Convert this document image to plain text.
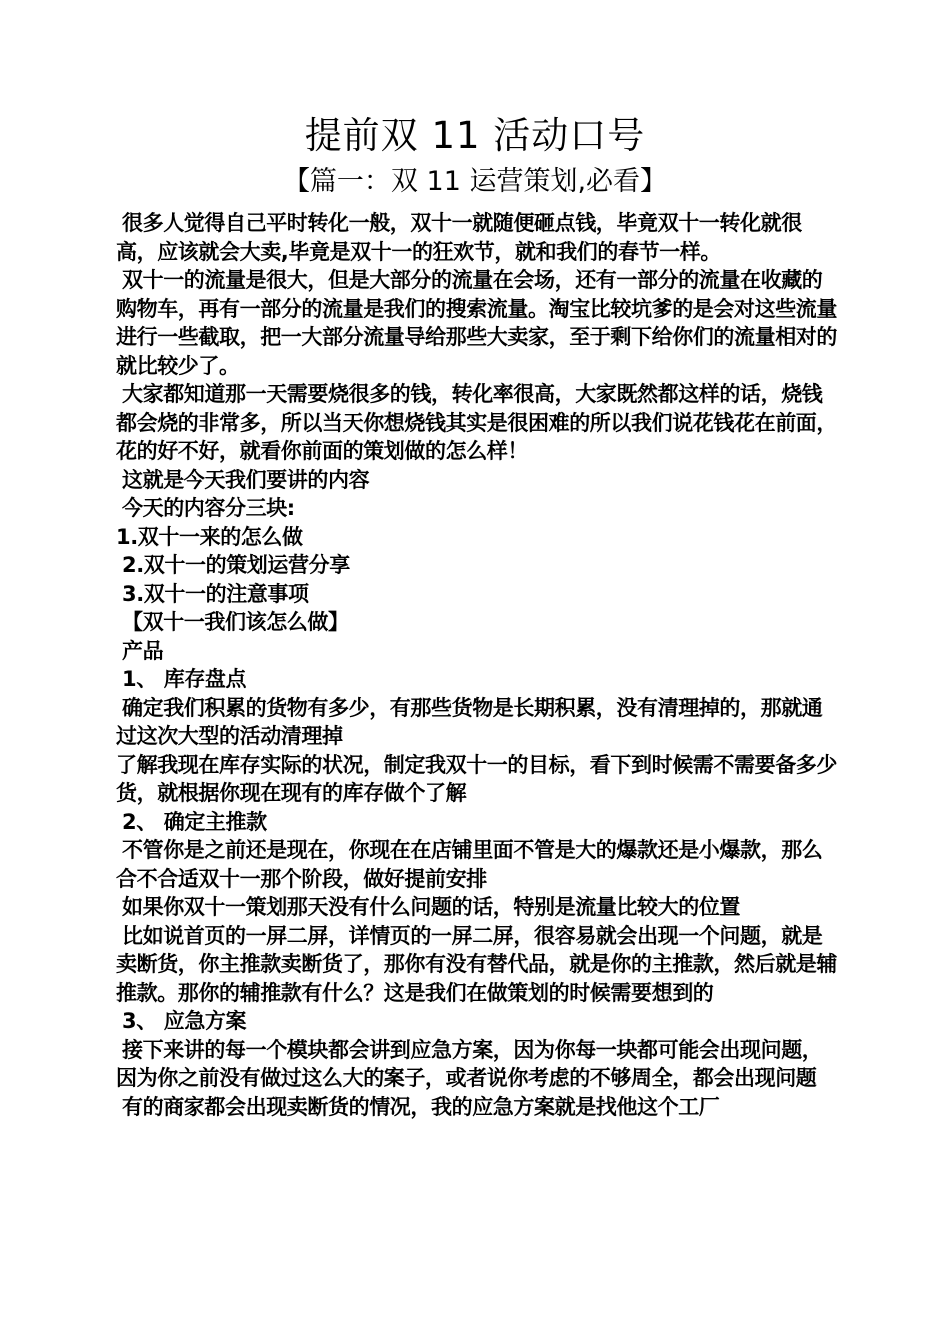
提前双 11 活动口号
【篇一：双 11 运营策划,必看】

很多人觉得自己平时转化一般，双十一就随便砸点钱，毕竟双十一转化就很高，应该就会大卖,毕竟是双十一的狂欢节，就和我们的春节一样。

双十一的流量是很大，但是大部分的流量在会场，还有一部分的流量在收藏的购物车，再有一部分的流量是我们的搜索流量。淘宝比较坑爹的是会对这些流量进行一些截取，把一大部分流量导给那些大卖家，至于剩下给你们的流量相对的就比较少了。

大家都知道那一天需要烧很多的钱，转化率很高，大家既然都这样的话，烧钱都会烧的非常多，所以当天你想烧钱其实是很困难的所以我们说花钱花在前面，花的好不好，就看你前面的策划做的怎么样！

这就是今天我们要讲的内容

今天的内容分三块:

1.双十一来的怎么做

2.双十一的策划运营分享

3.双十一的注意事项

【双十一我们该怎么做】

产品

1、 库存盘点

确定我们积累的货物有多少，有那些货物是长期积累，没有清理掉的，那就通过这次大型的活动清理掉

了解我现在库存实际的状况，制定我双十一的目标，看下到时候需不需要备多少货，就根据你现在现有的库存做个了解

2、 确定主推款

不管你是之前还是现在，你现在在店铺里面不管是大的爆款还是小爆款，那么合不合适双十一那个阶段，做好提前安排

如果你双十一策划那天没有什么问题的话，特别是流量比较大的位置

比如说首页的一屏二屏，详情页的一屏二屏，很容易就会出现一个问题，就是卖断货，你主推款卖断货了，那你有没有替代品，就是你的主推款，然后就是辅推款。那你的辅推款有什么？这是我们在做策划的时候需要想到的

3、 应急方案

接下来讲的每一个模块都会讲到应急方案，因为你每一块都可能会出现问题，因为你之前没有做过这么大的案子，或者说你考虑的不够周全，都会出现问题

有的商家都会出现卖断货的情况，我的应急方案就是找他这个工厂
